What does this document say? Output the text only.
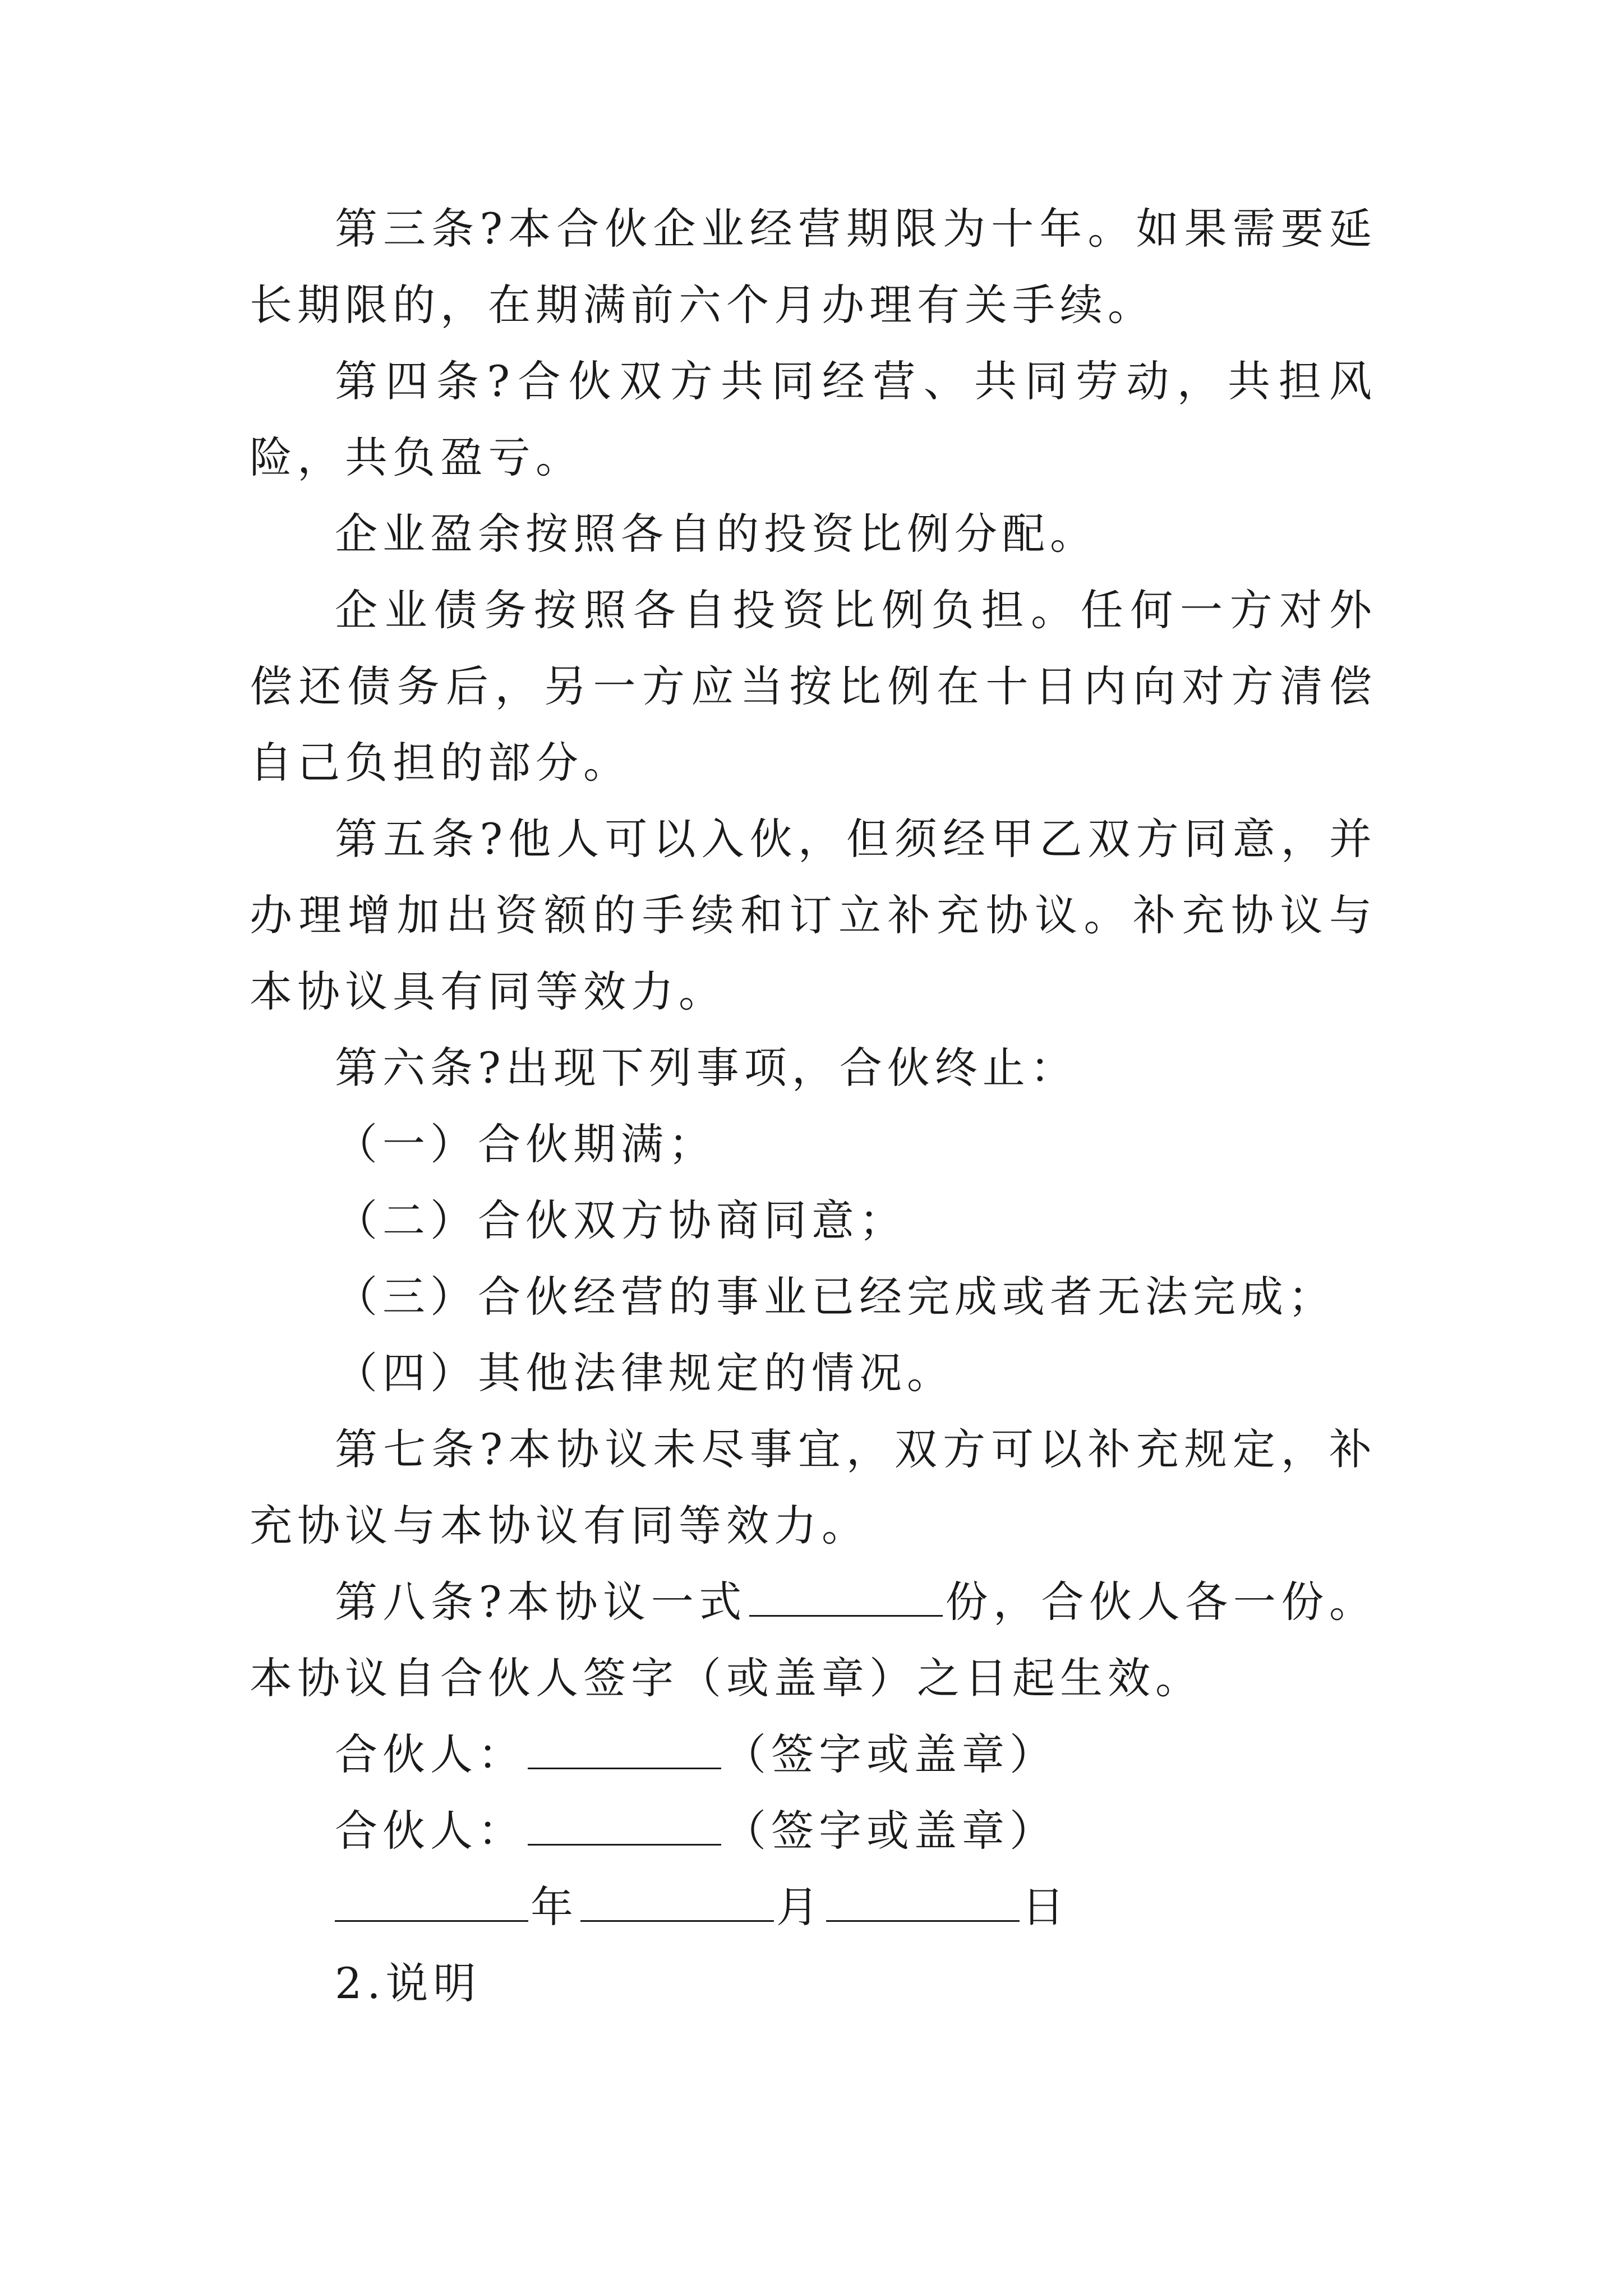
第三条?本合伙企业经营期限为十年。如果需要延长期限的，在期满前六个月办理有关手续。

第四条?合伙双方共同经营、共同劳动，共担风险，共负盈亏。

企业盈余按照各自的投资比例分配。

企业债务按照各自投资比例负担。任何一方对外偿还债务后，另一方应当按比例在十日内向对方清偿自己负担的部分。

第五条?他人可以入伙，但须经甲乙双方同意，并办理增加出资额的手续和订立补充协议。补充协议与本协议具有同等效力。

第六条?出现下列事项，合伙终止：

（一）合伙期满；

（二）合伙双方协商同意；

（三）合伙经营的事业已经完成或者无法完成；

（四）其他法律规定的情况。

第七条?本协议未尽事宜，双方可以补充规定，补充协议与本协议有同等效力。

第八条?本协议一式	份，合伙人各一份。本协议自合伙人签字（或盖章）之日起生效。

合伙人：	（签字或盖章）

合伙人：	（签字或盖章）

年	月	日

2.说明
